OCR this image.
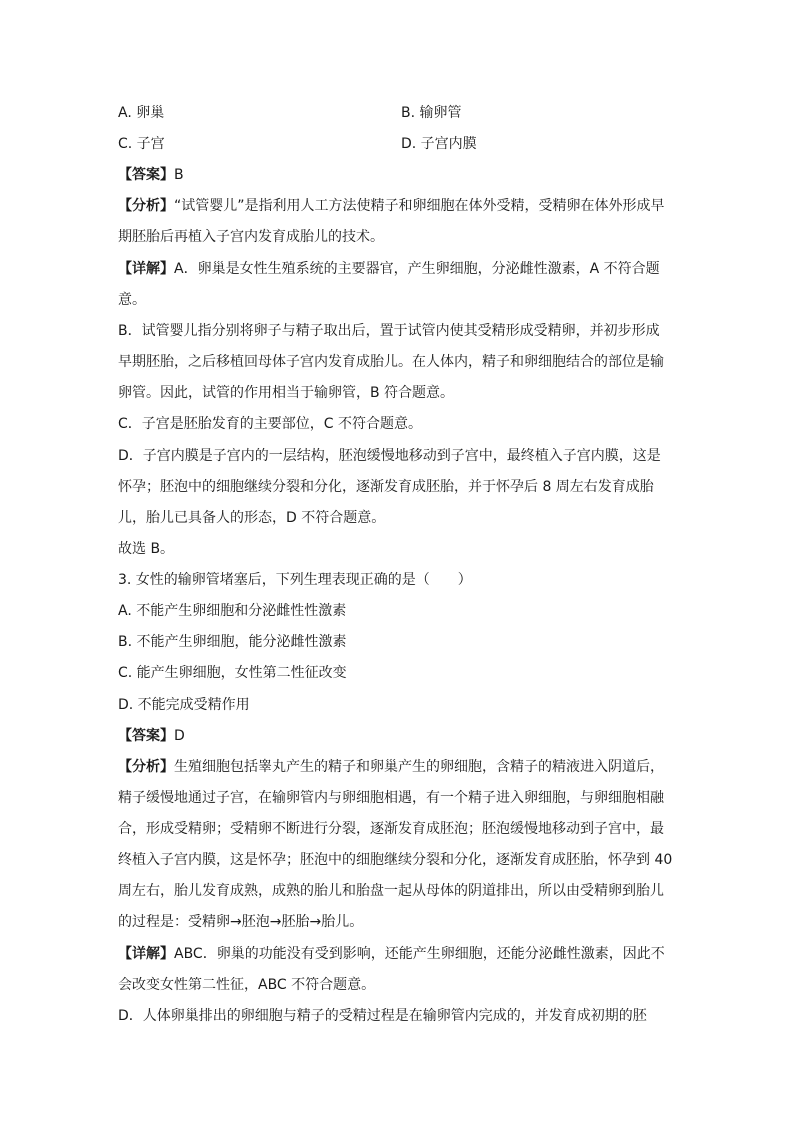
A. 卵巢	B. 输卵管
C. 子宫	D. 子宫内膜
【答案】B
【分析】“试管婴儿”是指利用人工方法使精子和卵细胞在体外受精，受精卵在体外形成早
期胚胎后再植入子宫内发育成胎儿的技术。
【详解】A．卵巢是女性生殖系统的主要器官，产生卵细胞，分泌雌性激素，A 不符合题
意。
B．试管婴儿指分别将卵子与精子取出后，置于试管内使其受精形成受精卵，并初步形成
早期胚胎，之后移植回母体子宫内发育成胎儿。在人体内，精子和卵细胞结合的部位是输
卵管。因此，试管的作用相当于输卵管，B 符合题意。
C．子宫是胚胎发育的主要部位，C 不符合题意。
D．子宫内膜是子宫内的一层结构，胚泡缓慢地移动到子宫中，最终植入子宫内膜，这是
怀孕；胚泡中的细胞继续分裂和分化，逐渐发育成胚胎，并于怀孕后 8 周左右发育成胎
儿，胎儿已具备人的形态，D 不符合题意。
故选 B。
3. 女性的输卵管堵塞后，下列生理表现正确的是（　　）
A. 不能产生卵细胞和分泌雌性性激素
B. 不能产生卵细胞，能分泌雌性激素
C. 能产生卵细胞，女性第二性征改变
D. 不能完成受精作用
【答案】D
【分析】生殖细胞包括睾丸产生的精子和卵巢产生的卵细胞，含精子的精液进入阴道后，
精子缓慢地通过子宫，在输卵管内与卵细胞相遇，有一个精子进入卵细胞，与卵细胞相融
合，形成受精卵；受精卵不断进行分裂，逐渐发育成胚泡；胚泡缓慢地移动到子宫中，最
终植入子宫内膜，这是怀孕；胚泡中的细胞继续分裂和分化，逐渐发育成胚胎，怀孕到 40
周左右，胎儿发育成熟，成熟的胎儿和胎盘一起从母体的阴道排出，所以由受精卵到胎儿
的过程是：受精卵→胚泡→胚胎→胎儿。
【详解】ABC．卵巢的功能没有受到影响，还能产生卵细胞，还能分泌雌性激素，因此不
会改变女性第二性征，ABC 不符合题意。
D．人体卵巢排出的卵细胞与精子的受精过程是在输卵管内完成的，并发育成初期的胚
